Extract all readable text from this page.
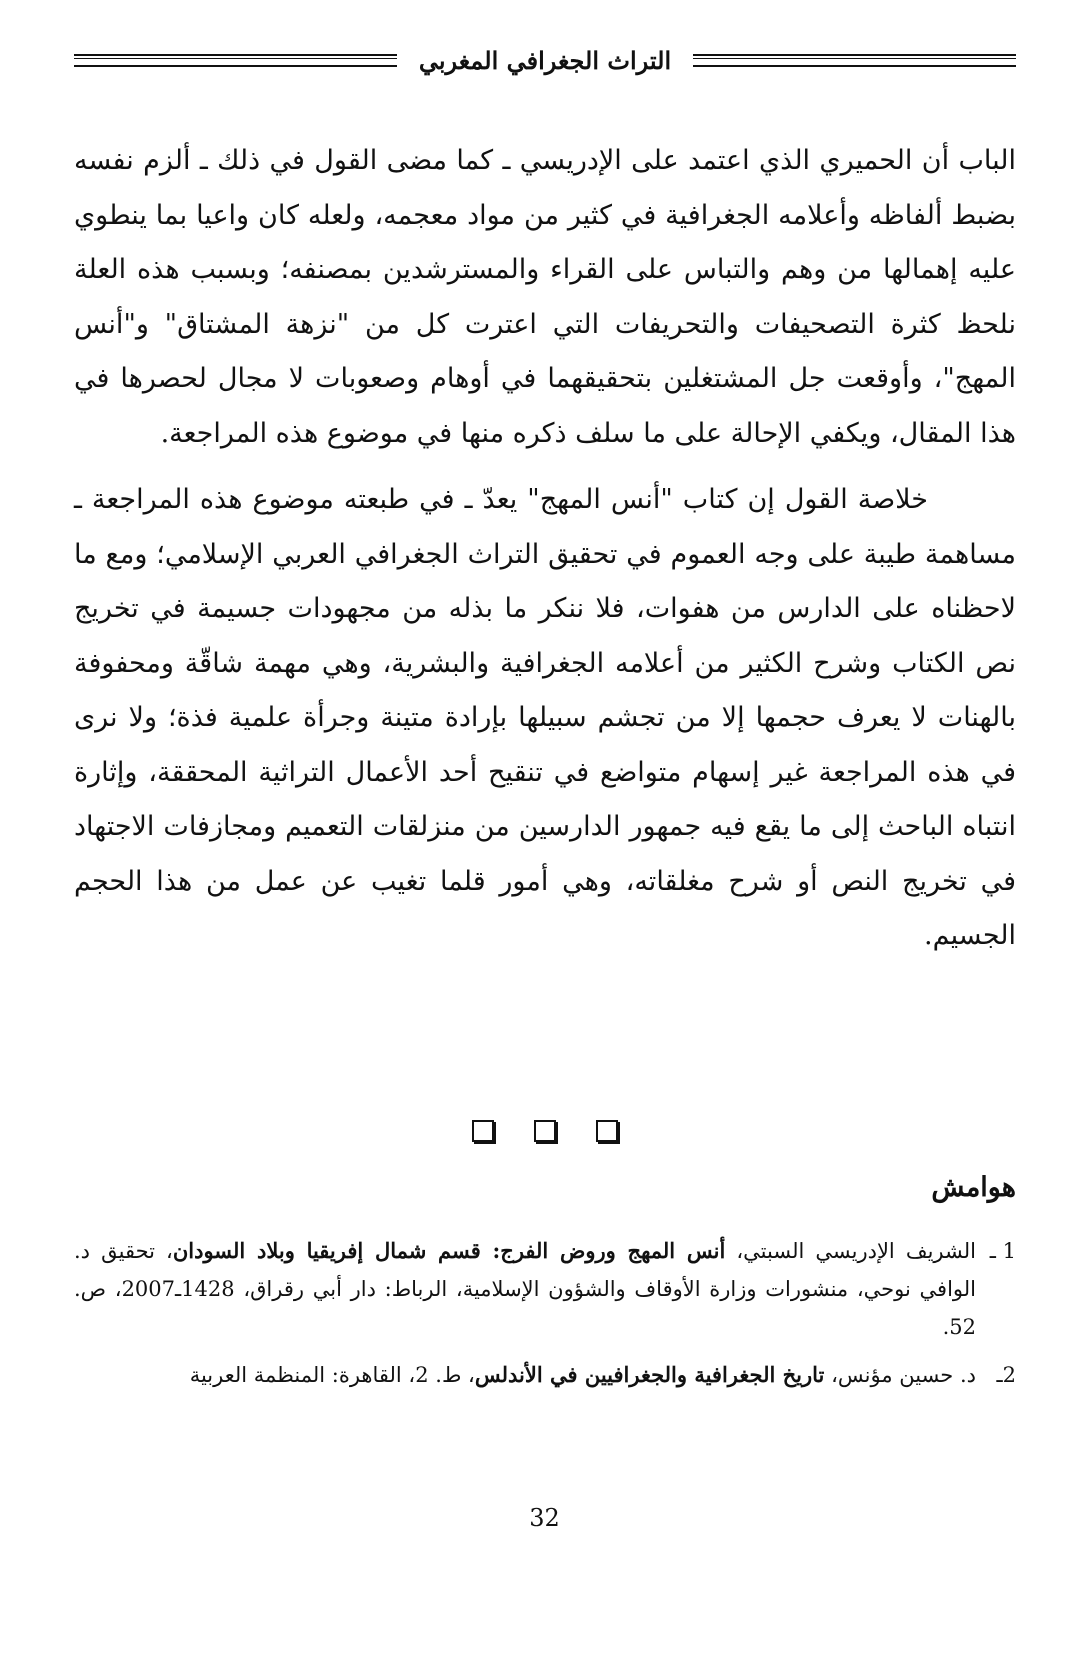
التراث الجغرافي المغربي

الباب أن الحميري الذي اعتمد على الإدريسي ـ كما مضى القول في ذلك ـ ألزم نفسه بضبط ألفاظه وأعلامه الجغرافية في كثير من مواد معجمه، ولعله كان واعيا بما ينطوي عليه إهمالها من وهم والتباس على القراء والمسترشدين بمصنفه؛ وبسبب هذه العلة نلحظ كثرة التصحيفات والتحريفات التي اعترت كل من "نزهة المشتاق" و"أنس المهج"، وأوقعت جل المشتغلين بتحقيقهما في أوهام وصعوبات لا مجال لحصرها في هذا المقال، ويكفي الإحالة على ما سلف ذكره منها في موضوع هذه المراجعة.

خلاصة القول إن كتاب "أنس المهج" يعدّ ـ في طبعته موضوع هذه المراجعة ـ مساهمة طيبة على وجه العموم في تحقيق التراث الجغرافي العربي الإسلامي؛ ومع ما لاحظناه على الدارس من هفوات، فلا ننكر ما بذله من مجهودات جسيمة في تخريج نص الكتاب وشرح الكثير من أعلامه الجغرافية والبشرية، وهي مهمة شاقّة ومحفوفة بالهنات لا يعرف حجمها إلا من تجشم سبيلها بإرادة متينة وجرأة علمية فذة؛ ولا نرى في هذه المراجعة غير إسهام متواضع في تنقيح أحد الأعمال التراثية المحققة، وإثارة انتباه الباحث إلى ما يقع فيه جمهور الدارسين من منزلقات التعميم ومجازفات الاجتهاد في تخريج النص أو شرح مغلقاته، وهي أمور قلما تغيب عن عمل من هذا الحجم الجسيم.

هوامش

1 ـ
الشريف الإدريسي السبتي، أنس المهج وروض الفرج: قسم شمال إفريقيا وبلاد السودان، تحقيق د. الوافي نوحي، منشورات وزارة الأوقاف والشؤون الإسلامية، الرباط: دار أبي رقراق، 1428ـ2007، ص. 52.

2ـ
د. حسين مؤنس، تاريخ الجغرافية والجغرافيين في الأندلس، ط. 2، القاهرة: المنظمة العربية

32
